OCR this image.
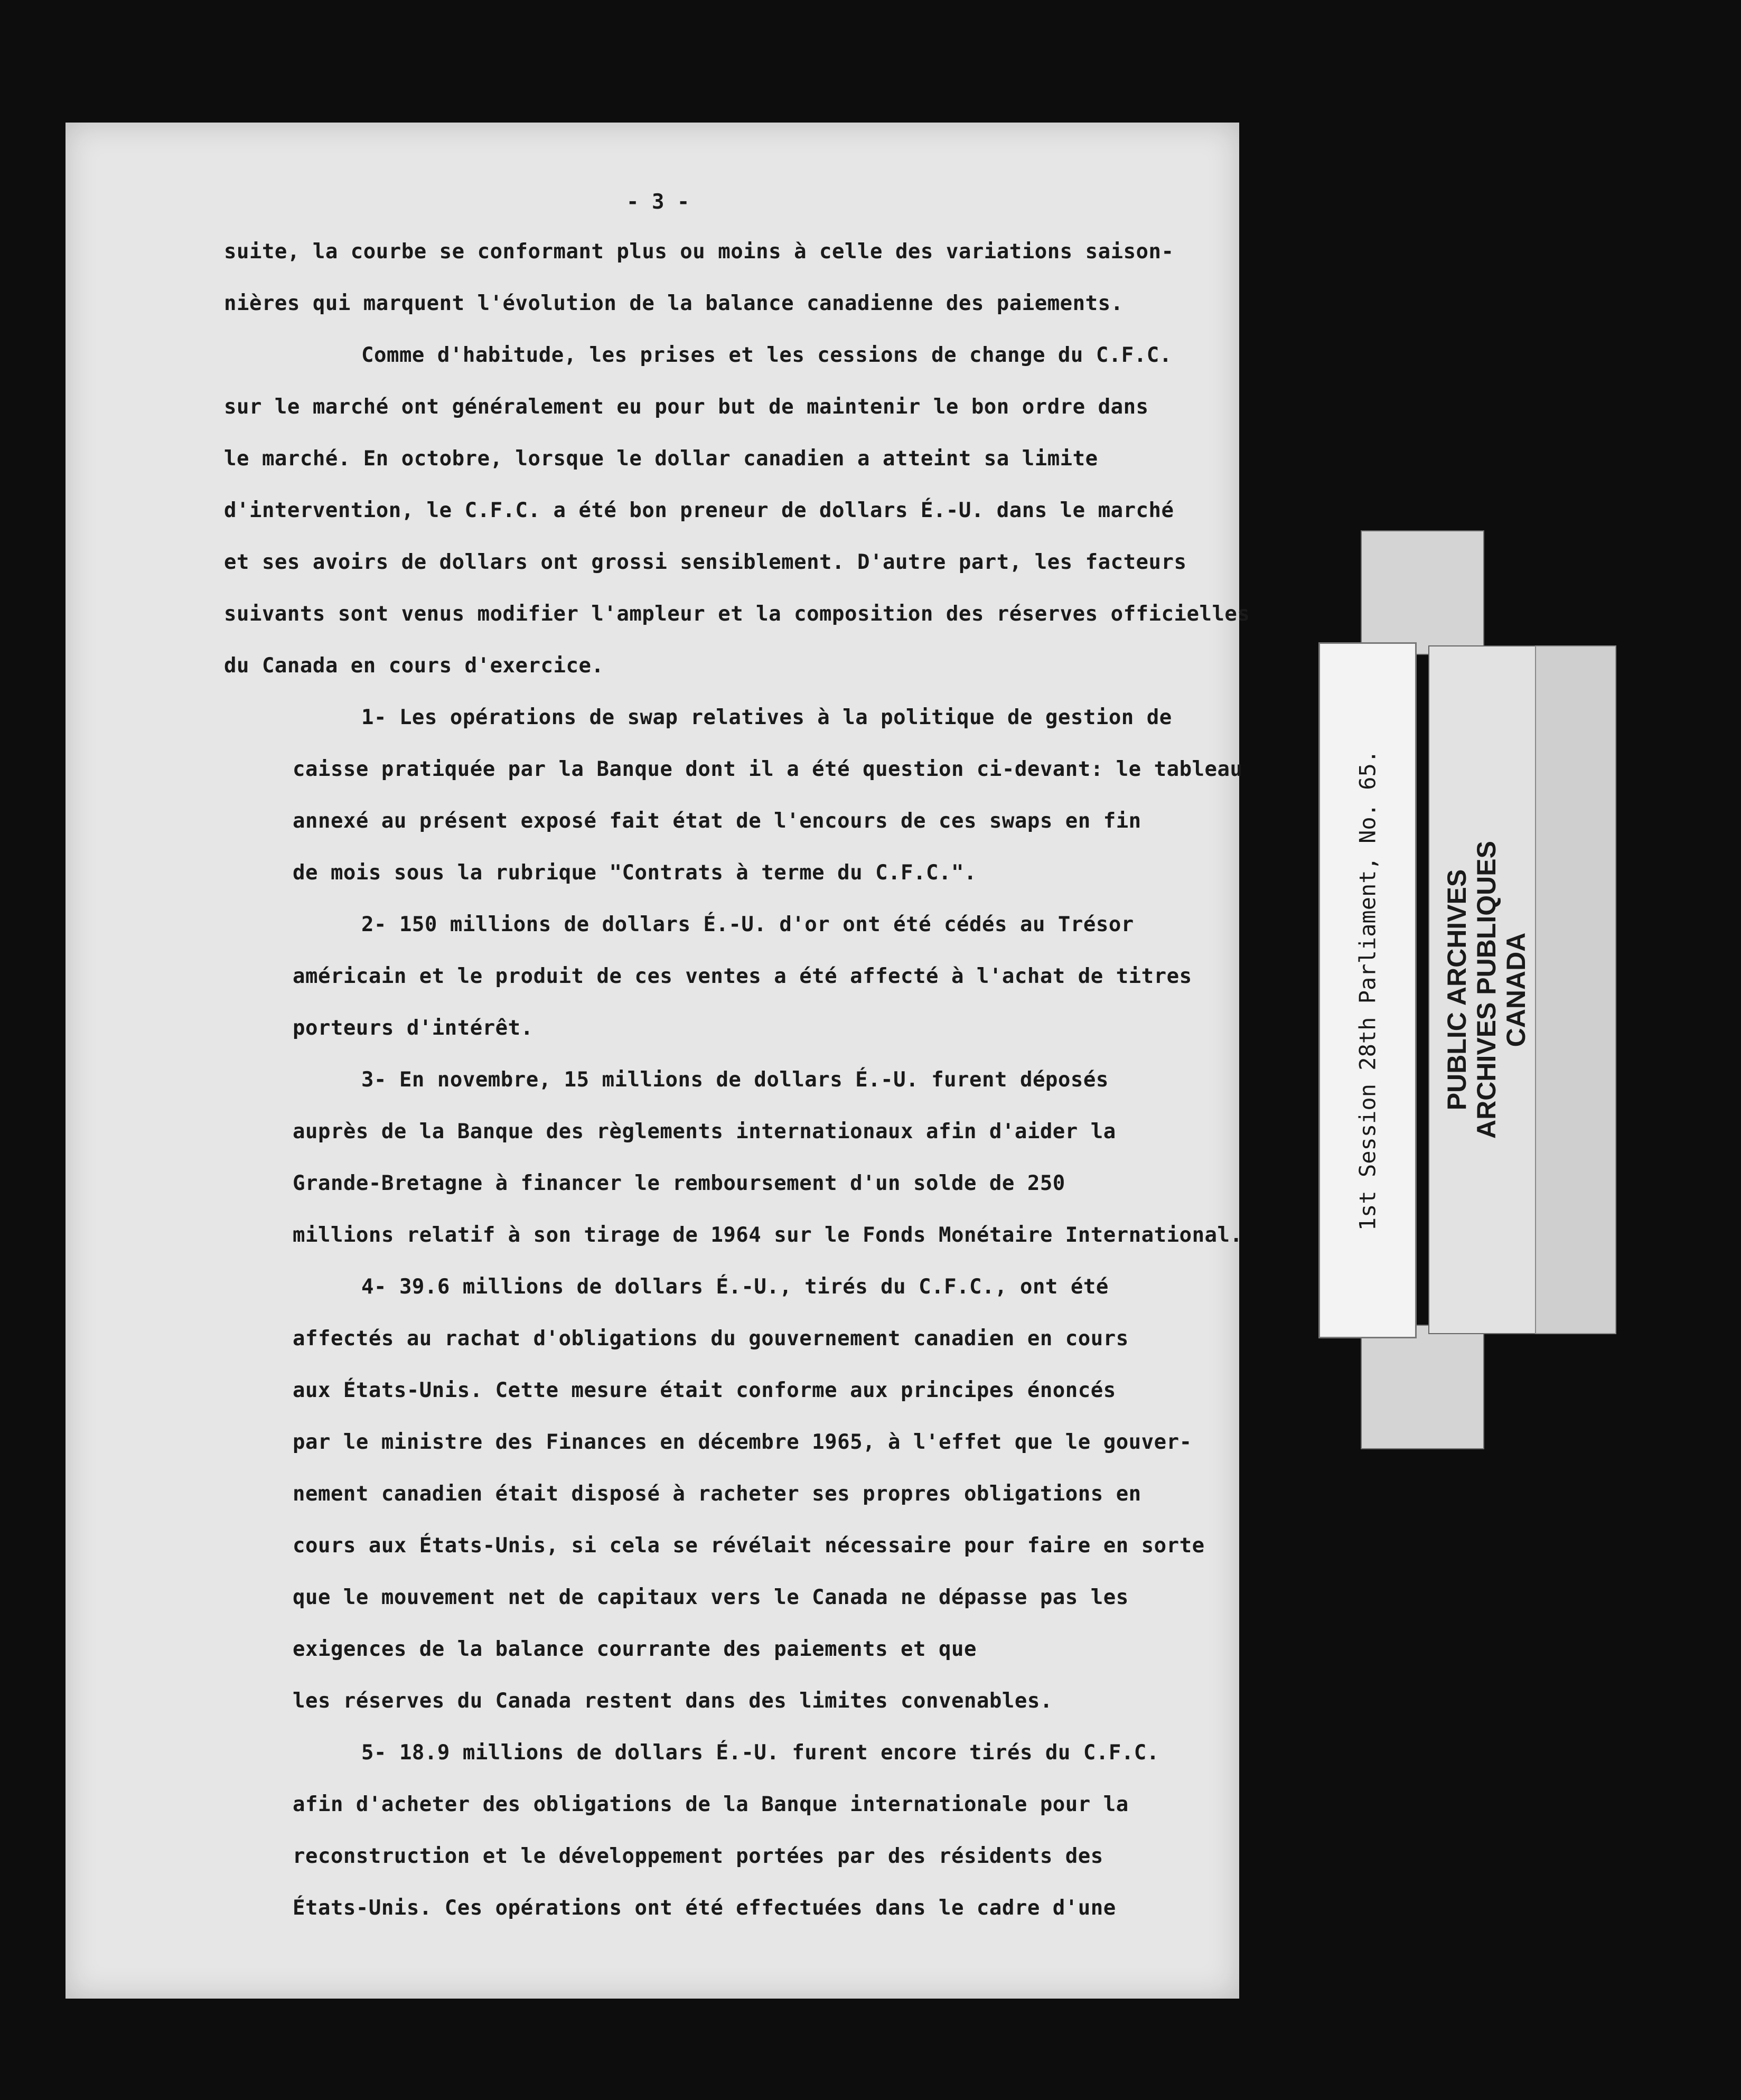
- 3 -
suite, la courbe se conformant plus ou moins à celle des variations saison-
nières qui marquent l'évolution de la balance canadienne des paiements.
Comme d'habitude, les prises et les cessions de change du C.F.C.
sur le marché ont généralement eu pour but de maintenir le bon ordre dans
le marché. En octobre, lorsque le dollar canadien a atteint sa limite
d'intervention, le C.F.C. a été bon preneur de dollars É.-U. dans le marché
et ses avoirs de dollars ont grossi sensiblement. D'autre part, les facteurs
suivants sont venus modifier l'ampleur et la composition des réserves officielles
du Canada en cours d'exercice.
1- Les opérations de swap relatives à la politique de gestion de
caisse pratiquée par la Banque dont il a été question ci-devant: le tableau
annexé au présent exposé fait état de l'encours de ces swaps en fin
de mois sous la rubrique "Contrats à terme du C.F.C.".
2- 150 millions de dollars É.-U. d'or ont été cédés au Trésor
américain et le produit de ces ventes a été affecté à l'achat de titres
porteurs d'intérêt.
3- En novembre, 15 millions de dollars É.-U. furent déposés
auprès de la Banque des règlements internationaux afin d'aider la
Grande-Bretagne à financer le remboursement d'un solde de 250
millions relatif à son tirage de 1964 sur le Fonds Monétaire International.
4- 39.6 millions de dollars É.-U., tirés du C.F.C., ont été
affectés au rachat d'obligations du gouvernement canadien en cours
aux États-Unis. Cette mesure était conforme aux principes énoncés
par le ministre des Finances en décembre 1965, à l'effet que le gouver-
nement canadien était disposé à racheter ses propres obligations en
cours aux États-Unis, si cela se révélait nécessaire pour faire en sorte
que le mouvement net de capitaux vers le Canada ne dépasse pas les
exigences de la balance courrante des paiements et que
les réserves du Canada restent dans des limites convenables.
5- 18.9 millions de dollars É.-U. furent encore tirés du C.F.C.
afin d'acheter des obligations de la Banque internationale pour la
reconstruction et le développement portées par des résidents des
États-Unis. Ces opérations ont été effectuées dans le cadre d'une
1st Session 28th Parliament, No. 65. PUBLIC ARCHIVES ARCHIVES PUBLIQUES CANADA
